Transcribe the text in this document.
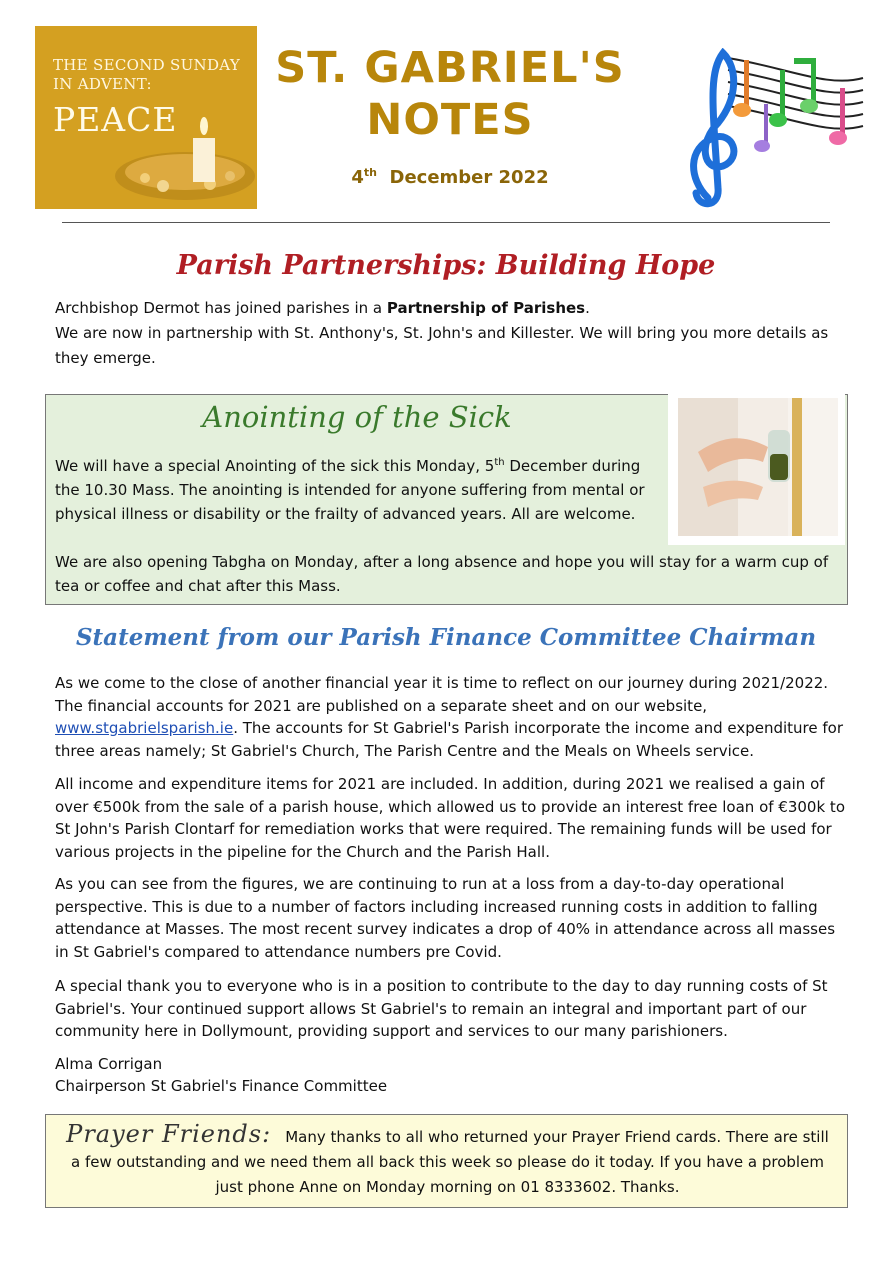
THE SECOND SUNDAY
IN ADVENT:
PEACE
ST. GABRIEL'S
NOTES
4th December 2022
Parish Partnerships: Building Hope
Archbishop Dermot has joined parishes in a Partnership of Parishes.
We are now in partnership with St. Anthony's, St. John's and Killester. We will bring you more details as they emerge.
Anointing of the Sick
We will have a special Anointing of the sick this Monday, 5th December during the 10.30 Mass. The anointing is intended for anyone suffering from mental or physical illness or disability or the frailty of advanced years. All are welcome.
We are also opening Tabgha on Monday, after a long absence and hope you will stay for a warm cup of tea or coffee and chat after this Mass.
Statement from our Parish Finance Committee Chairman
As we come to the close of another financial year it is time to reflect on our journey during 2021/2022. The financial accounts for 2021 are published on a separate sheet and on our website, www.stgabrielsparish.ie. The accounts for St Gabriel's Parish incorporate the income and expenditure for three areas namely; St Gabriel's Church, The Parish Centre and the Meals on Wheels service.
All income and expenditure items for 2021 are included. In addition, during 2021 we realised a gain of over €500k from the sale of a parish house, which allowed us to provide an interest free loan of €300k to St John's Parish Clontarf for remediation works that were required. The remaining funds will be used for various projects in the pipeline for the Church and the Parish Hall.
As you can see from the figures, we are continuing to run at a loss from a day-to-day operational perspective. This is due to a number of factors including increased running costs in addition to falling attendance at Masses. The most recent survey indicates a drop of 40% in attendance across all masses in St Gabriel's compared to attendance numbers pre Covid.
A special thank you to everyone who is in a position to contribute to the day to day running costs of St Gabriel's. Your continued support allows St Gabriel's to remain an integral and important part of our community here in Dollymount, providing support and services to our many parishioners.
Alma Corrigan
Chairperson St Gabriel's Finance Committee
Prayer Friends: Many thanks to all who returned your Prayer Friend cards. There are still a few outstanding and we need them all back this week so please do it today. If you have a problem just phone Anne on Monday morning on 01 8333602. Thanks.
